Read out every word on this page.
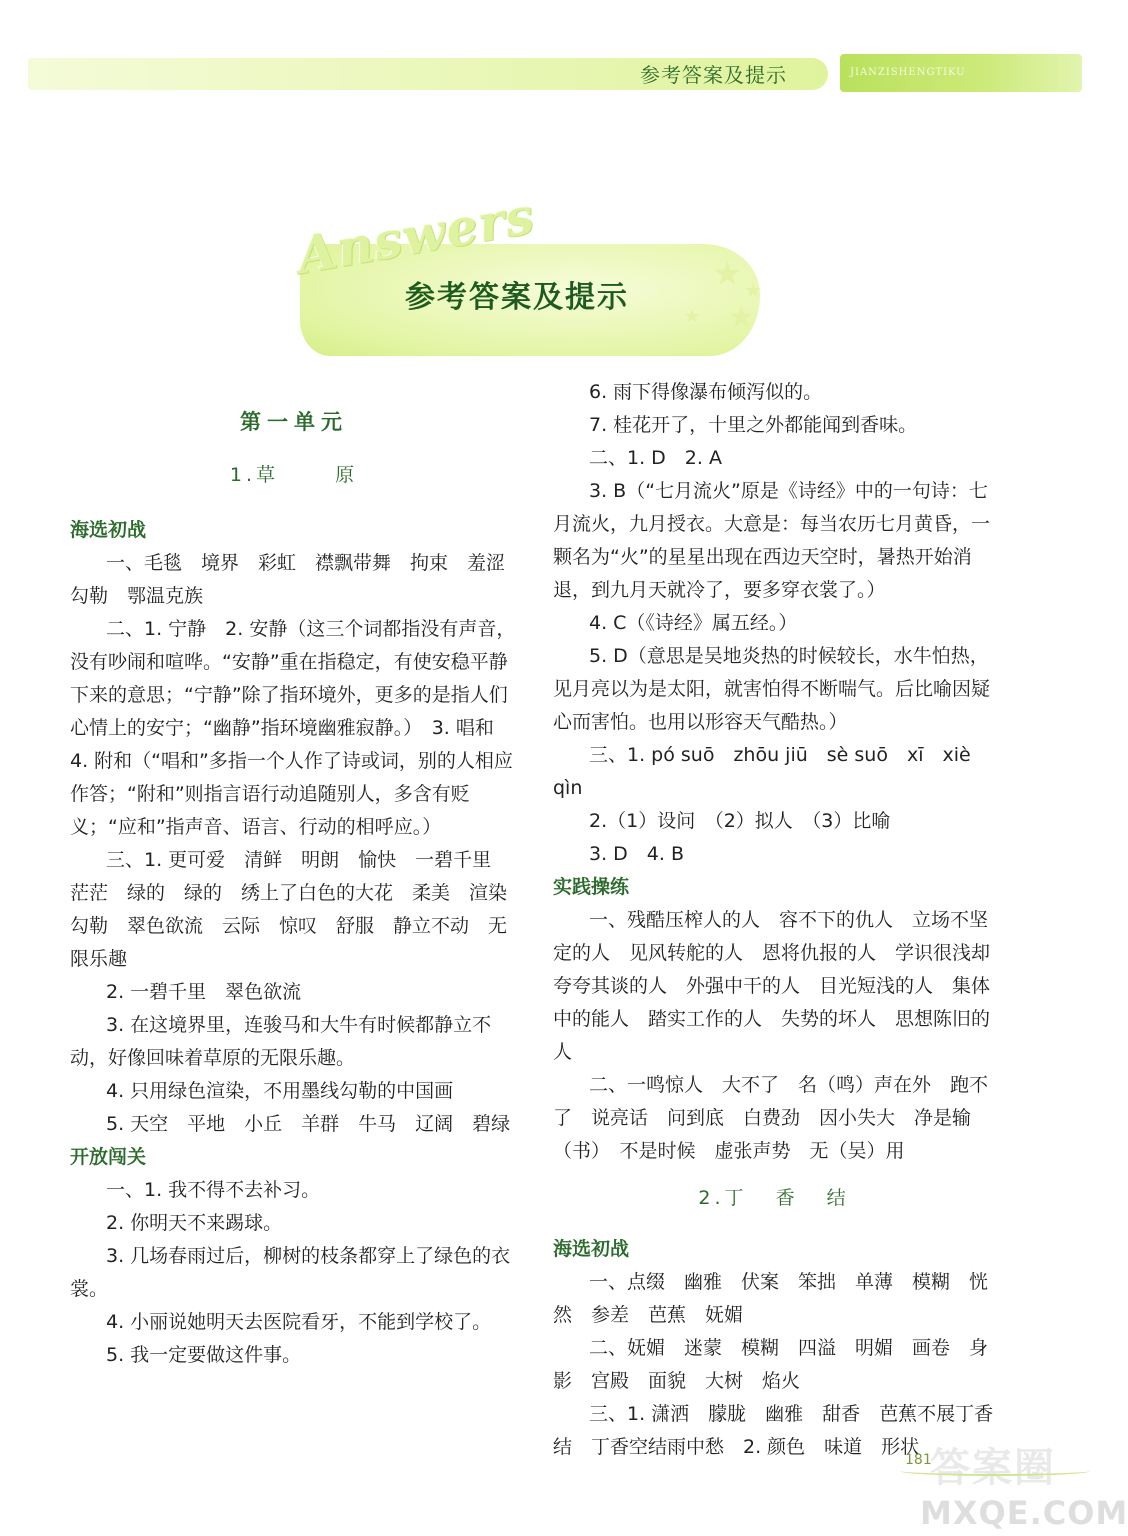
参考答案及提示	JIANZISHENGTIKU
Answers
参考答案及提示
★ ★
★
★
第一单元
1.草	原
海选初战

一、毛毯　境界　彩虹　襟飘带舞　拘束　羞涩　勾勒　鄂温克族

二、1. 宁静　2. 安静（这三个词都指没有声音，没有吵闹和喧哗。“安静”重在指稳定，有使安稳平静下来的意思；“宁静”除了指环境外，更多的是指人们心情上的安宁；“幽静”指环境幽雅寂静。）　3. 唱和　4. 附和（“唱和”多指一个人作了诗或词，别的人相应作答；“附和”则指言语行动追随别人，多含有贬义；“应和”指声音、语言、行动的相呼应。）

三、1. 更可爱　清鲜　明朗　愉快　一碧千里　茫茫　绿的　绿的　绣上了白色的大花　柔美　渲染　勾勒　翠色欲流　云际　惊叹　舒服　静立不动　无限乐趣

2. 一碧千里　翠色欲流

3. 在这境界里，连骏马和大牛有时候都静立不动，好像回味着草原的无限乐趣。

4. 只用绿色渲染，不用墨线勾勒的中国画

5. 天空　平地　小丘　羊群　牛马　辽阔　碧绿

开放闯关

一、1. 我不得不去补习。

2. 你明天不来踢球。

3. 几场春雨过后，柳树的枝条都穿上了绿色的衣裳。

4. 小丽说她明天去医院看牙，不能到学校了。

5. 我一定要做这件事。

6. 雨下得像瀑布倾泻似的。

7. 桂花开了，十里之外都能闻到香味。

二、1. D　2. A

3. B（“七月流火”原是《诗经》中的一句诗：七月流火，九月授衣。大意是：每当农历七月黄昏，一颗名为“火”的星星出现在西边天空时，暑热开始消退，到九月天就冷了，要多穿衣裳了。）

4. C（《诗经》属五经。）

5. D（意思是吴地炎热的时候较长，水牛怕热，见月亮以为是太阳，就害怕得不断喘气。后比喻因疑心而害怕。也用以形容天气酷热。）

三、1. pó suō　zhōu jiū　sè suō　xī　xiè　qìn

2.（1）设问　（2）拟人　（3）比喻

3. D　4. B

实践操练

一、残酷压榨人的人　容不下的仇人　立场不坚定的人　见风转舵的人　恩将仇报的人　学识很浅却夸夸其谈的人　外强中干的人　目光短浅的人　集体中的能人　踏实工作的人　失势的坏人　思想陈旧的人

二、一鸣惊人　大不了　名（鸣）声在外　跑不了　说亮话　问到底　白费劲　因小失大　净是输（书）　不是时候　虚张声势　无（吴）用

2.丁 香 结
海选初战

一、点缀　幽雅　伏案　笨拙　单薄　模糊　恍然　参差　芭蕉　妩媚

二、妩媚　迷蒙　模糊　四溢　明媚　画卷　身影　宫殿　面貌　大树　焰火

三、1. 潇洒　朦胧　幽雅　甜香　芭蕉不展丁香结　丁香空结雨中愁　2. 颜色　味道　形状 答案圈
181
MXQE.COM
